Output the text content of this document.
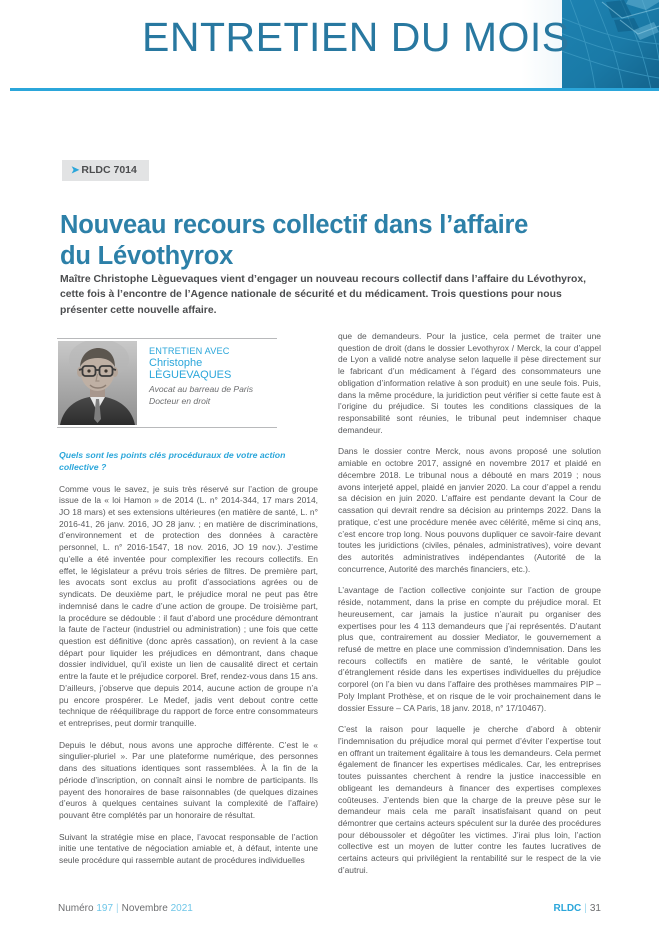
ENTRETIEN DU MOIS
➤ RLDC 7014
Nouveau recours collectif dans l’affaire du Lévothyrox
Maître Christophe Lèguevaques vient d’engager un nouveau recours collectif dans l’affaire du Lévothyrox, cette fois à l’encontre de l’Agence nationale de sécurité et du médicament. Trois questions pour nous présenter cette nouvelle affaire.
ENTRETIEN AVEC
Christophe LÈGUEVAQUES
Avocat au barreau de Paris
Docteur en droit
Quels sont les points clés procéduraux de votre action collective ?

Comme vous le savez, je suis très réservé sur l’action de groupe issue de la « loi Hamon » de 2014 (L. n° 2014-344, 17 mars 2014, JO 18 mars) et ses extensions ultérieures (en matière de santé, L. n° 2016-41, 26 janv. 2016, JO 28 janv. ; en matière de discriminations, d’environnement et de protection des données à caractère personnel, L. n° 2016-1547, 18 nov. 2016, JO 19 nov.). J’estime qu’elle a été inventée pour complexifier les recours collectifs. En effet, le législateur a prévu trois séries de filtres. De première part, les avocats sont exclus au profit d’associations agrées ou de syndicats. De deuxième part, le préjudice moral ne peut pas être indemnisé dans le cadre d’une action de groupe. De troisième part, la procédure se dédouble : il faut d’abord une procédure démontrant la faute de l’acteur (industriel ou administration) ; une fois que cette question est définitive (donc après cassation), on revient à la case départ pour liquider les préjudices en démontrant, dans chaque dossier individuel, qu’il existe un lien de causalité direct et certain entre la faute et le préjudice corporel. Bref, rendez-vous dans 15 ans. D’ailleurs, j’observe que depuis 2014, aucune action de groupe n’a pu encore prospérer. Le Medef, jadis vent debout contre cette technique de rééquilibrage du rapport de force entre consommateurs et entreprises, peut dormir tranquille.

Depuis le début, nous avons une approche différente. C’est le « singulier-pluriel ». Par une plateforme numérique, des personnes dans des situations identiques sont rassemblées. À la fin de la période d’inscription, on connaît ainsi le nombre de participants. Ils payent des honoraires de base raisonnables (de quelques dizaines d’euros à quelques centaines suivant la complexité de l’affaire) pouvant être complétés par un honoraire de résultat.

Suivant la stratégie mise en place, l’avocat responsable de l’action initie une tentative de négociation amiable et, à défaut, intente une seule procédure qui rassemble autant de procédures individuelles

que de demandeurs. Pour la justice, cela permet de traiter une question de droit (dans le dossier Levothyrox / Merck, la cour d’appel de Lyon a validé notre analyse selon laquelle il pèse directement sur le fabricant d’un médicament à l’égard des consommateurs une obligation d’information relative à son produit) en une seule fois. Puis, dans la même procédure, la juridiction peut vérifier si cette faute est à l’origine du préjudice. Si toutes les conditions classiques de la responsabilité sont réunies, le tribunal peut indemniser chaque demandeur.

Dans le dossier contre Merck, nous avons proposé une solution amiable en octobre 2017, assigné en novembre 2017 et plaidé en décembre 2018. Le tribunal nous a débouté en mars 2019 ; nous avons interjeté appel, plaidé en janvier 2020. La cour d’appel a rendu sa décision en juin 2020. L’affaire est pendante devant la Cour de cassation qui devrait rendre sa décision au printemps 2022. Dans la pratique, c’est une procédure menée avec célérité, même si cinq ans, c’est encore trop long. Nous pouvons dupliquer ce savoir-faire devant toutes les juridictions (civiles, pénales, administratives), voire devant des autorités administratives indépendantes (Autorité de la concurrence, Autorité des marchés financiers, etc.).

L’avantage de l’action collective conjointe sur l’action de groupe réside, notamment, dans la prise en compte du préjudice moral. Et heureusement, car jamais la justice n’aurait pu organiser des expertises pour les 4 113 demandeurs que j’ai représentés. D’autant plus que, contrairement au dossier Mediator, le gouvernement a refusé de mettre en place une commission d’indemnisation. Dans les recours collectifs en matière de santé, le véritable goulot d’étranglement réside dans les expertises individuelles du préjudice corporel (on l’a bien vu dans l’affaire des prothèses mammaires PIP – Poly Implant Prothèse, et on risque de le voir prochainement dans le dossier Essure – CA Paris, 18 janv. 2018, n° 17/10467).

C’est la raison pour laquelle je cherche d’abord à obtenir l’indemnisation du préjudice moral qui permet d’éviter l’expertise tout en offrant un traitement égalitaire à tous les demandeurs. Cela permet également de financer les expertises médicales. Car, les entreprises toutes puissantes cherchent à rendre la justice inaccessible en obligeant les demandeurs à financer des expertises complexes coûteuses. J’entends bien que la charge de la preuve pèse sur le demandeur mais cela me paraît insatisfaisant quand on peut démontrer que certains acteurs spéculent sur la durée des procédures pour déboussoler et dégoûter les victimes. J’irai plus loin, l’action collective est un moyen de lutter contre les fautes lucratives de certains acteurs qui privilégient la rentabilité sur le respect de la vie d’autrui.

Numéro 197 | Novembre 2021	RLDC | 31
